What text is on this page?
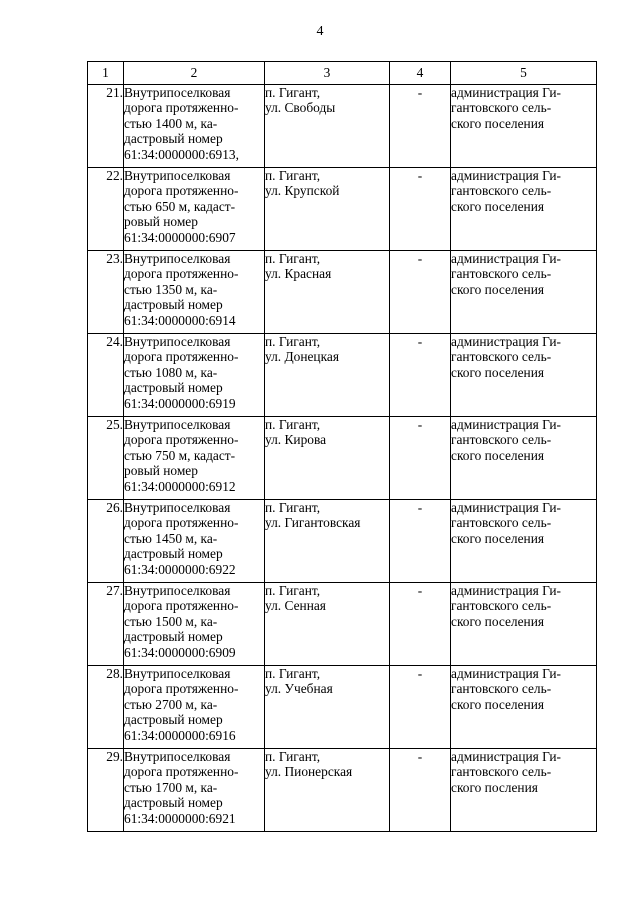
4
1	2	3	4	5
21.	Внутрипоселковая
дорога протяженно-
стью 1400 м, ка-
дастровый номер
61:34:0000000:6913,	п. Гигант,
ул. Свободы	-	администрация Ги-
гантовского сель-
ского поселения

22.	Внутрипоселковая
дорога протяженно-
стью 650 м, кадаст-
ровый номер
61:34:0000000:6907	п. Гигант,
ул. Крупской	-	администрация Ги-
гантовского сель-
ского поселения

23.	Внутрипоселковая
дорога протяженно-
стью 1350 м, ка-
дастровый номер
61:34:0000000:6914	п. Гигант,
ул. Красная	-	администрация Ги-
гантовского сель-
ского поселения

24.	Внутрипоселковая
дорога протяженно-
стью 1080 м, ка-
дастровый номер
61:34:0000000:6919	п. Гигант,
ул. Донецкая	-	администрация Ги-
гантовского сель-
ского поселения

25.	Внутрипоселковая
дорога протяженно-
стью 750 м, кадаст-
ровый номер
61:34:0000000:6912	п. Гигант,
ул. Кирова	-	администрация Ги-
гантовского сель-
ского поселения

26.	Внутрипоселковая
дорога протяженно-
стью 1450 м, ка-
дастровый номер
61:34:0000000:6922	п. Гигант,
ул. Гигантовская	-	администрация Ги-
гантовского сель-
ского поселения

27.	Внутрипоселковая
дорога протяженно-
стью 1500 м, ка-
дастровый номер
61:34:0000000:6909	п. Гигант,
ул. Сенная	-	администрация Ги-
гантовского сель-
ского поселения

28.	Внутрипоселковая
дорога протяженно-
стью 2700 м, ка-
дастровый номер
61:34:0000000:6916	п. Гигант,
ул. Учебная	-	администрация Ги-
гантовского сель-
ского поселения

29.	Внутрипоселковая
дорога протяженно-
стью 1700 м, ка-
дастровый номер
61:34:0000000:6921	п. Гигант,
ул. Пионерская	-	администрация Ги-
гантовского сель-
ского посления
